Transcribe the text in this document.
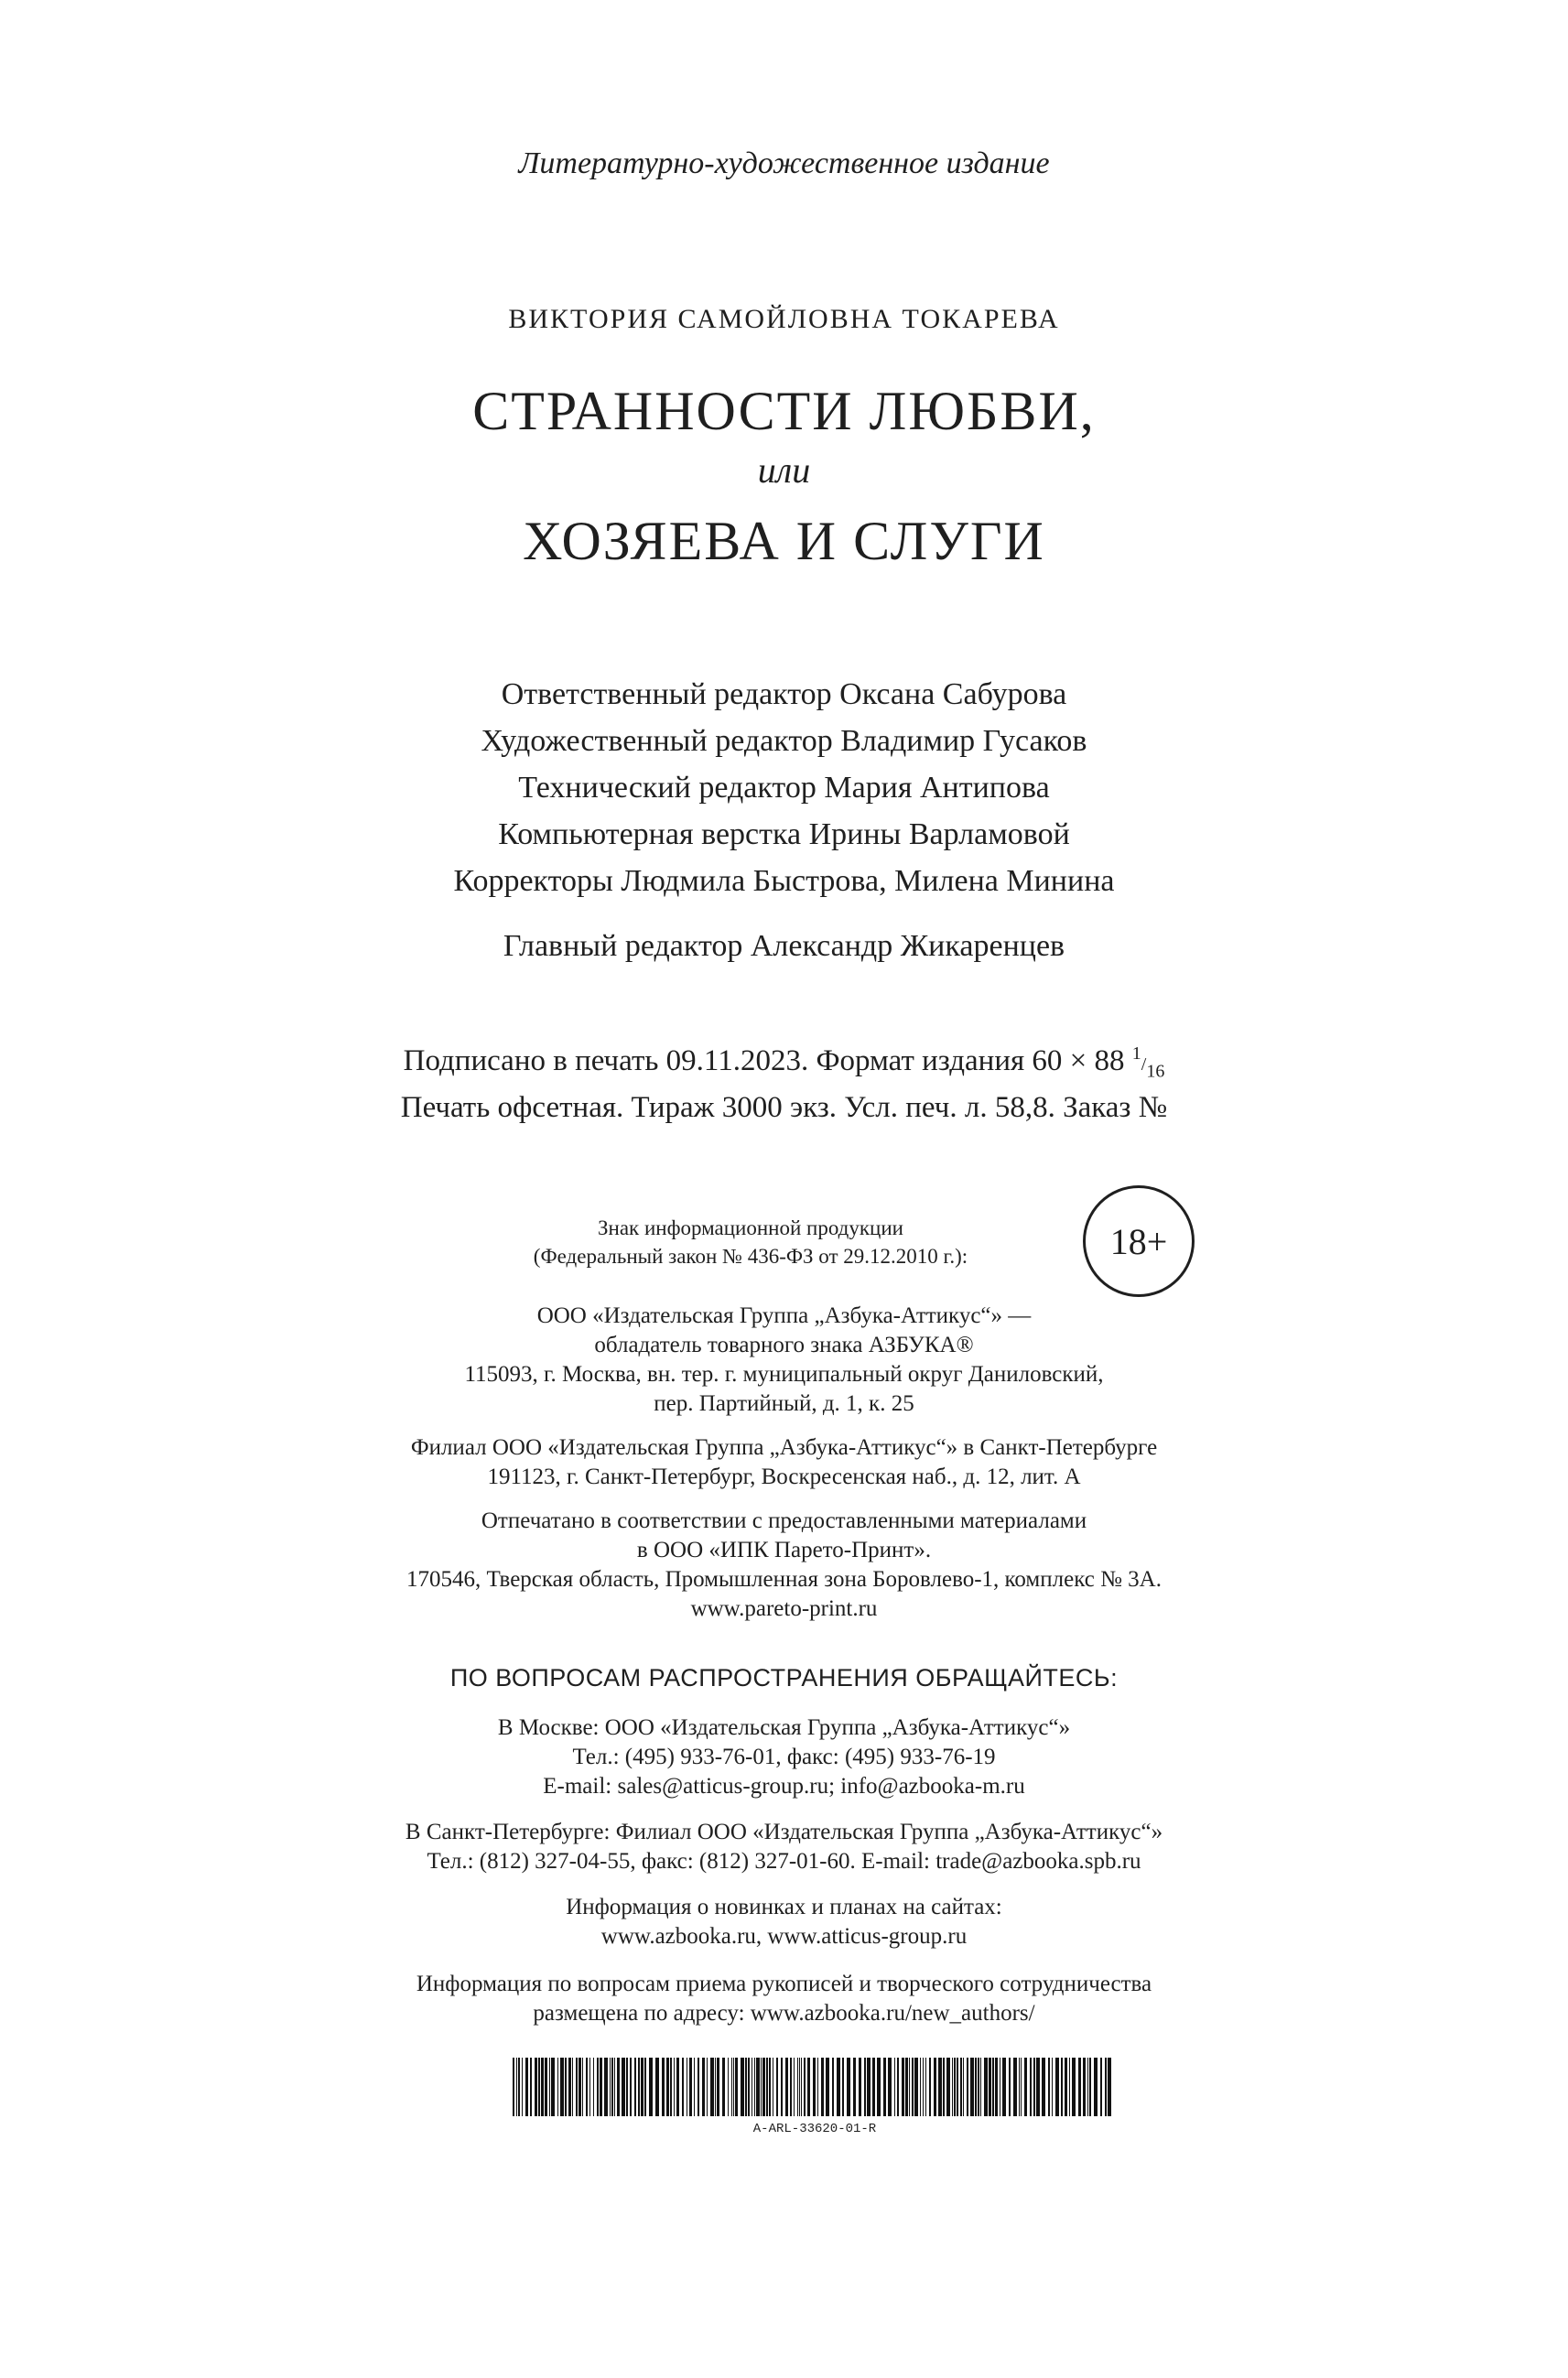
Литературно-художественное издание
ВИКТОРИЯ САМОЙЛОВНА ТОКАРЕВА
СТРАННОСТИ ЛЮБВИ,
или
ХОЗЯЕВА И СЛУГИ
Ответственный редактор Оксана Сабурова
Художественный редактор Владимир Гусаков
Технический редактор Мария Антипова
Компьютерная верстка Ирины Варламовой
Корректоры Людмила Быстрова, Милена Минина
Главный редактор Александр Жикаренцев
Подписано в печать 09.11.2023. Формат издания 60 × 88 $^1/_{16}$
Печать офсетная. Тираж 3000 экз. Усл. печ. л. 58,8. Заказ №
Знак информационной продукции
(Федеральный закон № 436-ФЗ от 29.12.2010 г.):	18+
ООО «Издательская Группа „Азбука-Аттикус“» —
обладатель товарного знака АЗБУКА®
115093, г. Москва, вн. тер. г. муниципальный округ Даниловский,
пер. Партийный, д. 1, к. 25
Филиал ООО «Издательская Группа „Азбука-Аттикус“» в Санкт-Петербурге
191123, г. Санкт-Петербург, Воскресенская наб., д. 12, лит. А
Отпечатано в соответствии с предоставленными материалами
в ООО «ИПК Парето-Принт».
170546, Тверская область, Промышленная зона Боровлево-1, комплекс № 3А.
www.pareto-print.ru
ПО ВОПРОСАМ РАСПРОСТРАНЕНИЯ ОБРАЩАЙТЕСЬ:
В Москве: ООО «Издательская Группа „Азбука-Аттикус“»
Тел.: (495) 933-76-01, факс: (495) 933-76-19
E-mail: sales@atticus-group.ru; info@azbooka-m.ru
В Санкт-Петербурге: Филиал ООО «Издательская Группа „Азбука-Аттикус“»
Тел.: (812) 327-04-55, факс: (812) 327-01-60. E-mail: trade@azbooka.spb.ru
Информация о новинках и планах на сайтах:
www.azbooka.ru, www.atticus-group.ru
Информация по вопросам приема рукописей и творческого сотрудничества
размещена по адресу: www.azbooka.ru/new_authors/
A-ARL-33620-01-R
